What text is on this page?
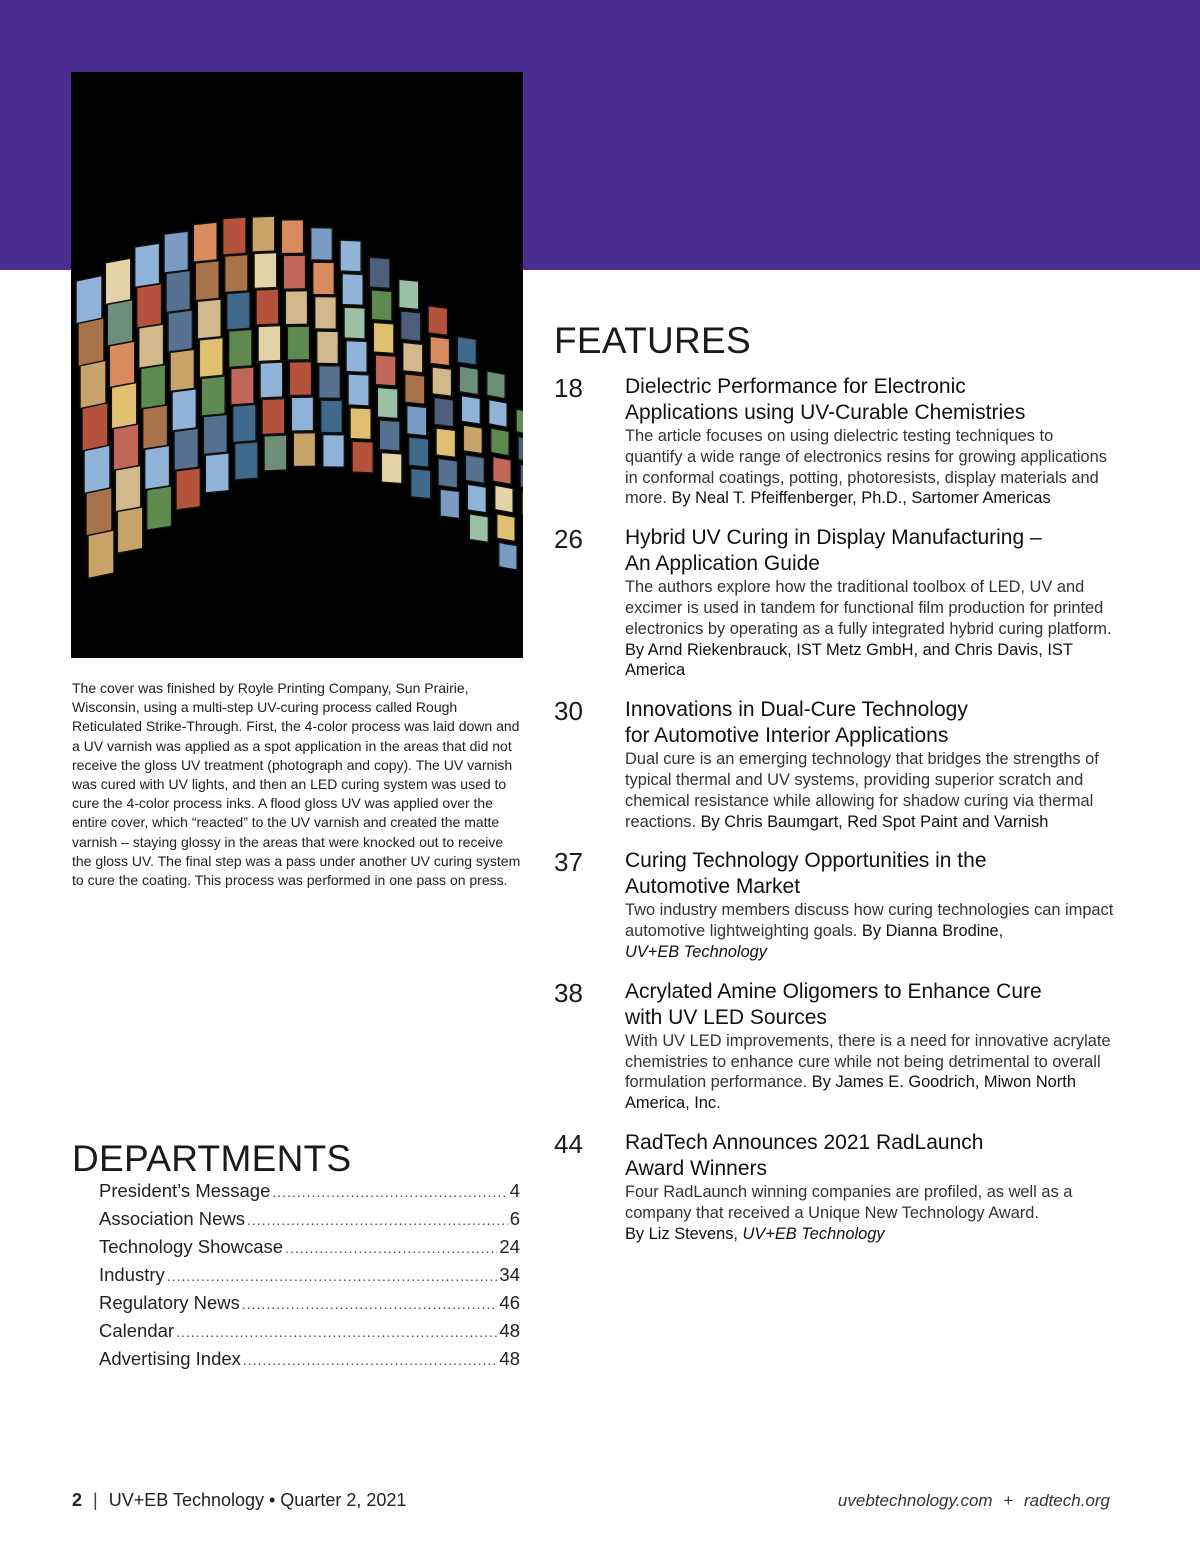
The cover was finished by Royle Printing Company, Sun Prairie, Wisconsin, using a multi-step UV-curing process called Rough Reticulated Strike-Through. First, the 4-color process was laid down and a UV varnish was applied as a spot application in the areas that did not receive the gloss UV treatment (photograph and copy). The UV varnish was cured with UV lights, and then an LED curing system was used to cure the 4-color process inks. A flood gloss UV was applied over the entire cover, which “reacted” to the UV varnish and created the matte varnish – staying glossy in the areas that were knocked out to receive the gloss UV. The final step was a pass under another UV curing system to cure the coating. This process was performed in one pass on press.
FEATURES
18 Dielectric Performance for Electronic
Applications using UV-Curable Chemistries
The article focuses on using dielectric testing techniques to quantify a wide range of electronics resins for growing applications in conformal coatings, potting, photoresists, display materials and more. By Neal T. Pfeiffenberger, Ph.D., Sartomer Americas
26 Hybrid UV Curing in Display Manufacturing –
An Application Guide
The authors explore how the traditional toolbox of LED, UV and excimer is used in tandem for functional film production for printed electronics by operating as a fully integrated hybrid curing platform. By Arnd Riekenbrauck, IST Metz GmbH, and Chris Davis, IST America
30 Innovations in Dual-Cure Technology
for Automotive Interior Applications
Dual cure is an emerging technology that bridges the strengths of typical thermal and UV systems, providing superior scratch and chemical resistance while allowing for shadow curing via thermal reactions. By Chris Baumgart, Red Spot Paint and Varnish
37 Curing Technology Opportunities in the
Automotive Market
Two industry members discuss how curing technologies can impact automotive lightweighting goals. By Dianna Brodine,
UV+EB Technology
38 Acrylated Amine Oligomers to Enhance Cure
with UV LED Sources
With UV LED improvements, there is a need for innovative acrylate chemistries to enhance cure while not being detrimental to overall formulation performance. By James E. Goodrich, Miwon North America, Inc.
44 RadTech Announces 2021 RadLaunch
Award Winners
Four RadLaunch winning companies are profiled, as well as a company that received a Unique New Technology Award.
By Liz Stevens, UV+EB Technology
DEPARTMENTS
President’s Message .....	4
Association News .....	6
Technology Showcase .....	24
Industry .....	34
Regulatory News .....	46
Calendar .....	48
Advertising Index .....	48
2 | UV+EB Technology • Quarter 2, 2021	uvebtechnology.com + radtech.org
